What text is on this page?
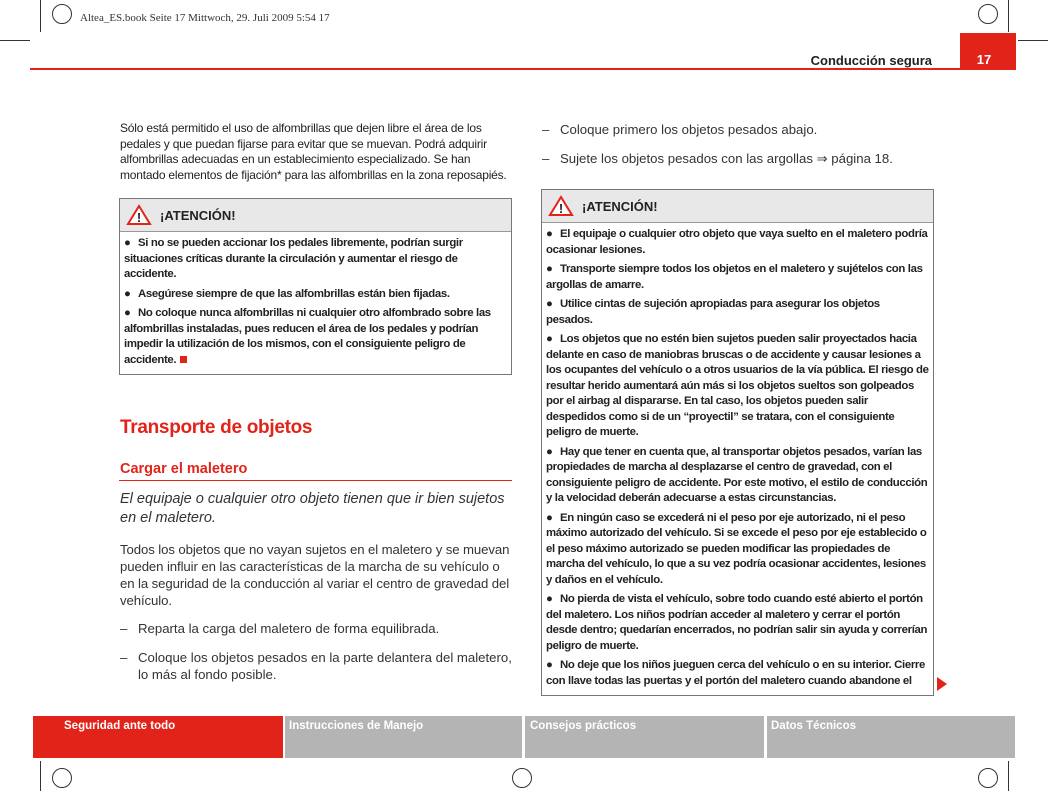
Altea_ES.book Seite 17 Mittwoch, 29. Juli 2009 5:54 17
Conducción segura	17
Sólo está permitido el uso de alfombrillas que dejen libre el área de los pedales y que puedan fijarse para evitar que se muevan. Podrá adquirir alfombrillas adecuadas en un establecimiento especializado. Se han montado elementos de fijación* para las alfombrillas en la zona reposapiés.
! ¡ATENCIÓN!
● Si no se pueden accionar los pedales libremente, podrían surgir situaciones críticas durante la circulación y aumentar el riesgo de accidente.
● Asegúrese siempre de que las alfombrillas están bien fijadas.
● No coloque nunca alfombrillas ni cualquier otro alfombrado sobre las alfombrillas instaladas, pues reducen el área de los pedales y podrían impedir la utilización de los mismos, con el consiguiente peligro de accidente.
Transporte de objetos
Cargar el maletero
El equipaje o cualquier otro objeto tienen que ir bien sujetos en el maletero.
Todos los objetos que no vayan sujetos en el maletero y se muevan pueden influir en las características de la marcha de su vehículo o en la seguridad de la conducción al variar el centro de gravedad del vehículo.
– Reparta la carga del maletero de forma equilibrada.
– Coloque los objetos pesados en la parte delantera del maletero, lo más al fondo posible.
– Coloque primero los objetos pesados abajo.
– Sujete los objetos pesados con las argollas ⇒ página 18.
! ¡ATENCIÓN!
● El equipaje o cualquier otro objeto que vaya suelto en el maletero podría ocasionar lesiones.
● Transporte siempre todos los objetos en el maletero y sujételos con las argollas de amarre.
● Utilice cintas de sujeción apropiadas para asegurar los objetos pesados.
● Los objetos que no estén bien sujetos pueden salir proyectados hacia delante en caso de maniobras bruscas o de accidente y causar lesiones a los ocupantes del vehículo o a otros usuarios de la vía pública. El riesgo de resultar herido aumentará aún más si los objetos sueltos son golpeados por el airbag al dispararse. En tal caso, los objetos pueden salir despedidos como si de un “proyectil” se tratara, con el consiguiente peligro de muerte.
● Hay que tener en cuenta que, al transportar objetos pesados, varían las propiedades de marcha al desplazarse el centro de gravedad, con el consiguiente peligro de accidente. Por este motivo, el estilo de conducción y la velocidad deberán adecuarse a estas circunstancias.
● En ningún caso se excederá ni el peso por eje autorizado, ni el peso máximo autorizado del vehículo. Si se excede el peso por eje establecido o el peso máximo autorizado se pueden modificar las propiedades de marcha del vehículo, lo que a su vez podría ocasionar accidentes, lesiones y daños en el vehículo.
● No pierda de vista el vehículo, sobre todo cuando esté abierto el portón del maletero. Los niños podrían acceder al maletero y cerrar el portón desde dentro; quedarían encerrados, no podrían salir sin ayuda y correrían peligro de muerte.
● No deje que los niños jueguen cerca del vehículo o en su interior. Cierre con llave todas las puertas y el portón del maletero cuando abandone el
Seguridad ante todo	Instrucciones de Manejo	Consejos prácticos	Datos Técnicos
